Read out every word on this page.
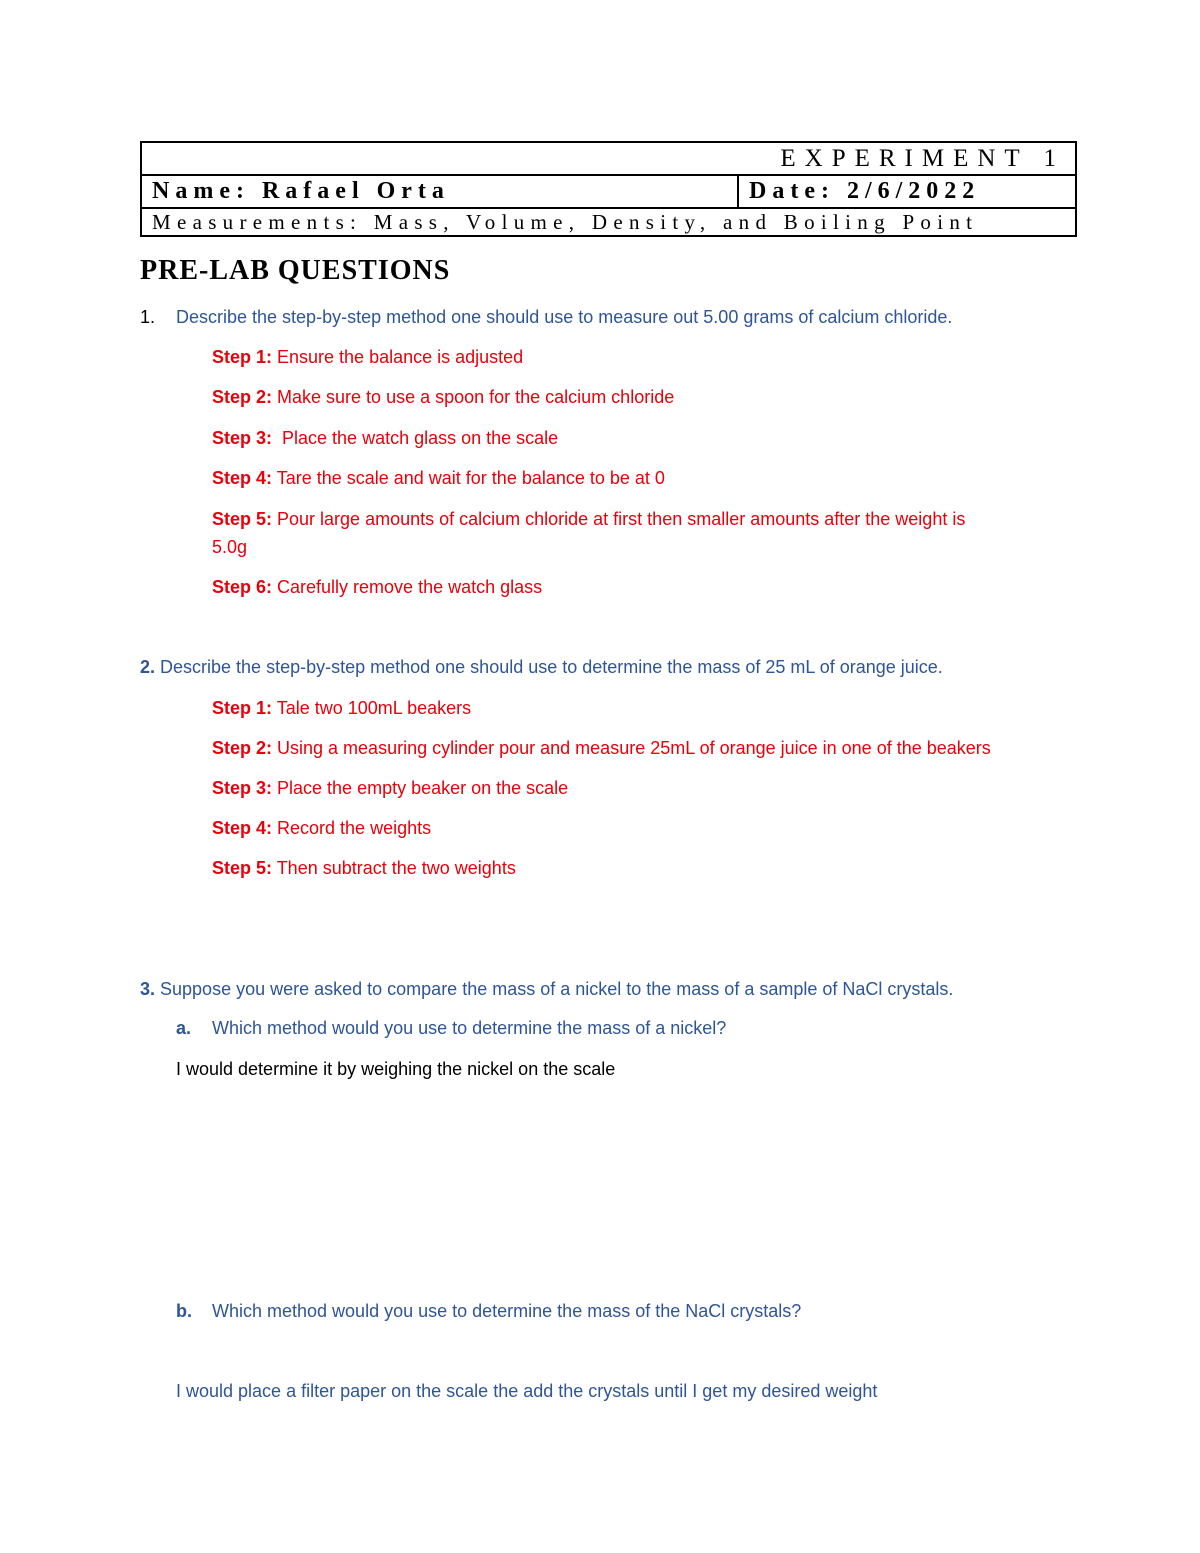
EXPERIMENT 1
Name: Rafael Orta	Date: 2/6/2022
Measurements: Mass, Volume, Density, and Boiling Point
PRE-LAB QUESTIONS
1. Describe the step-by-step method one should use to measure out 5.00 grams of calcium chloride.

Step 1: Ensure the balance is adjusted

Step 2: Make sure to use a spoon for the calcium chloride

Step 3:  Place the watch glass on the scale

Step 4: Tare the scale and wait for the balance to be at 0

Step 5: Pour large amounts of calcium chloride at first then smaller amounts after the weight is

5.0g

Step 6: Carefully remove the watch glass

2. Describe the step-by-step method one should use to determine the mass of 25 mL of orange juice.

Step 1: Tale two 100mL beakers

Step 2: Using a measuring cylinder pour and measure 25mL of orange juice in one of the beakers

Step 3: Place the empty beaker on the scale

Step 4: Record the weights

Step 5: Then subtract the two weights

3. Suppose you were asked to compare the mass of a nickel to the mass of a sample of NaCl crystals.

a. Which method would you use to determine the mass of a nickel?

I would determine it by weighing the nickel on the scale

b. Which method would you use to determine the mass of the NaCl crystals?

I would place a filter paper on the scale the add the crystals until I get my desired weight
